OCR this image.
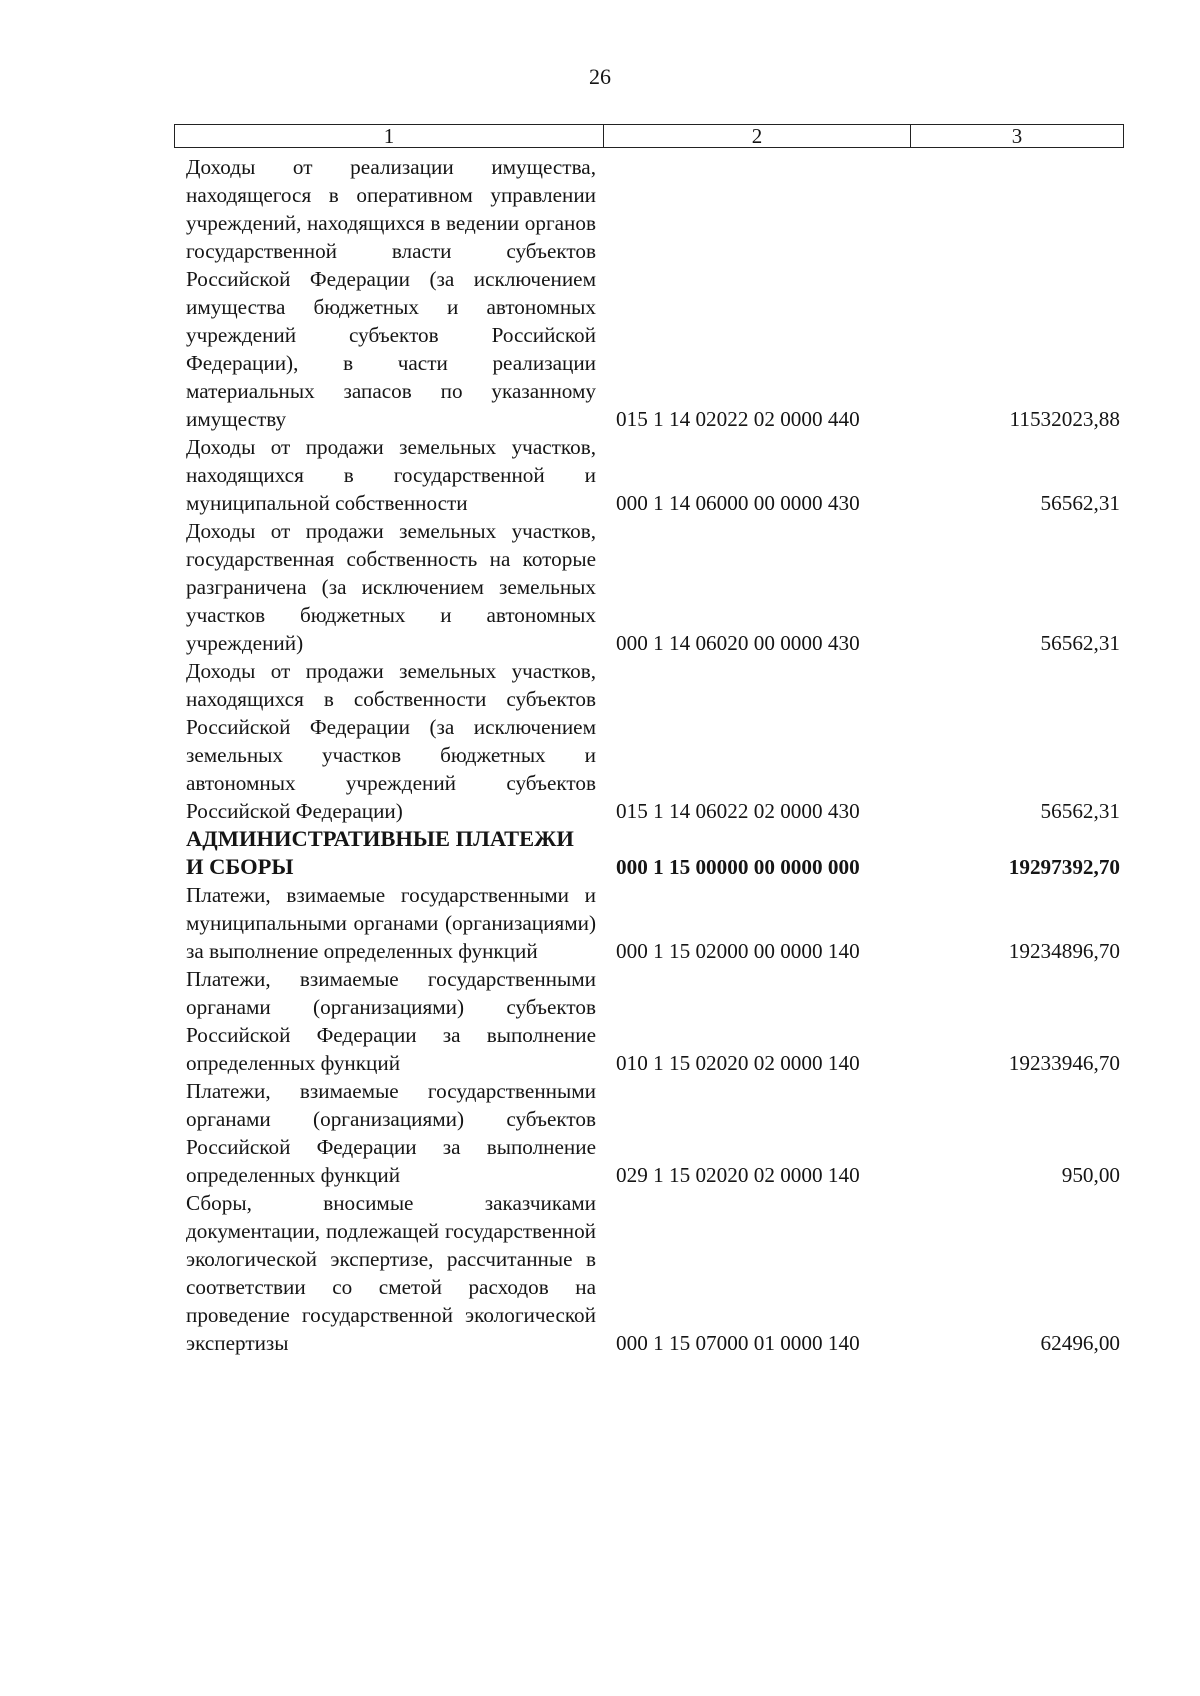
26
1	2	3
Доходы от реализации имущества, находящегося в оперативном управлении учреждений, находящихся в ведении органов государственной власти субъектов Российской Федерации (за исключением имущества бюджетных и автономных учреждений субъектов Российской Федерации), в части реализации материальных запасов по указанному имуществу	015 1 14 02022 02 0000 440	11532023,88
Доходы от продажи земельных участков, находящихся в государственной и муниципальной собственности	000 1 14 06000 00 0000 430	56562,31
Доходы от продажи земельных участков, государственная собственность на которые разграничена (за исключением земельных участков бюджетных и автономных учреждений)	000 1 14 06020 00 0000 430	56562,31
Доходы от продажи земельных участков, находящихся в собственности субъектов Российской Федерации (за исключением земельных участков бюджетных и автономных учреждений субъектов Российской Федерации)	015 1 14 06022 02 0000 430	56562,31
АДМИНИСТРАТИВНЫЕ ПЛАТЕЖИ И СБОРЫ	000 1 15 00000 00 0000 000	19297392,70
Платежи, взимаемые государственными и муниципальными органами (организациями) за выполнение определенных функций	000 1 15 02000 00 0000 140	19234896,70
Платежи, взимаемые государственными органами (организациями) субъектов Российской Федерации за выполнение определенных функций	010 1 15 02020 02 0000 140	19233946,70
Платежи, взимаемые государственными органами (организациями) субъектов Российской Федерации за выполнение определенных функций	029 1 15 02020 02 0000 140	950,00
Сборы, вносимые заказчиками документации, подлежащей государственной экологической экспертизе, рассчитанные в соответствии со сметой расходов на проведение государственной экологической экспертизы	000 1 15 07000 01 0000 140	62496,00
